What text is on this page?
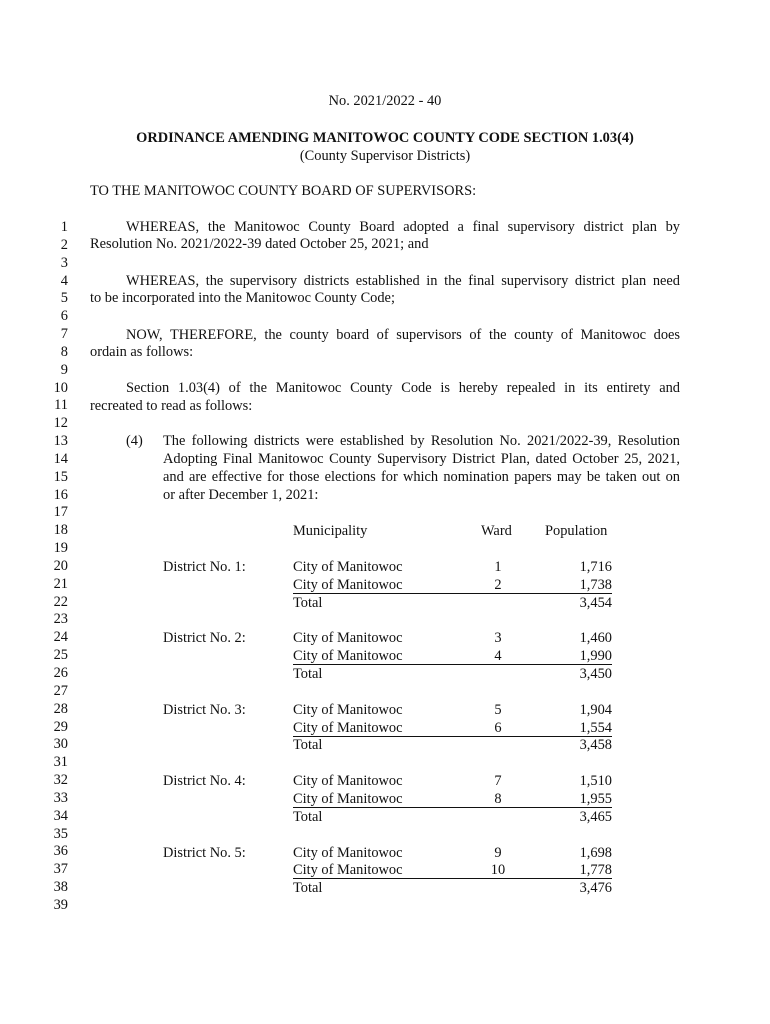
No. 2021/2022 - 40
ORDINANCE AMENDING MANITOWOC COUNTY CODE SECTION 1.03(4)
(County Supervisor Districts)
TO THE MANITOWOC COUNTY BOARD OF SUPERVISORS:
1
2
3
4
5
6
7
8
9
10
11
12
13
14
15
16
17
18
19
20
21
22
23
24
25
26
27
28
29
30
31
32
33
34
35
36
37
38
39
WHEREAS, the Manitowoc County Board adopted a final supervisory district plan by
Resolution No. 2021/2022-39 dated October 25, 2021; and
WHEREAS, the supervisory districts established in the final supervisory district plan need
to be incorporated into the Manitowoc County Code;
NOW, THEREFORE, the county board of supervisors of the county of Manitowoc does
ordain as follows:
Section 1.03(4) of the Manitowoc County Code is hereby repealed in its entirety and
recreated to read as follows:
(4) The following districts were established by Resolution No. 2021/2022-39, Resolution
Adopting Final Manitowoc County Supervisory District Plan, dated October 25, 2021,
and are effective for those elections for which nomination papers may be taken out on
or after December 1, 2021:
Municipality	Ward Population
District No. 1:	City of Manitowoc	1	1,716
City of Manitowoc	2	1,738
Total	3,454
District No. 2:	City of Manitowoc	3	1,460
City of Manitowoc	4	1,990
Total	3,450
District No. 3:	City of Manitowoc	5	1,904
City of Manitowoc	6	1,554
Total	3,458
District No. 4:	City of Manitowoc	7	1,510
City of Manitowoc	8	1,955
Total	3,465
District No. 5:	City of Manitowoc	9	1,698
City of Manitowoc	10	1,778
Total	3,476
